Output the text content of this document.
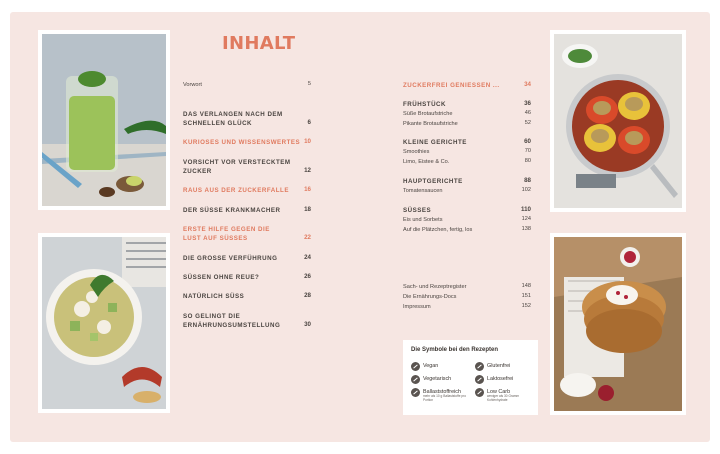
INHALT
Vorwort	5
DAS VERLANGEN NACH DEM SCHNELLEN GLÜCK	6
KURIOSES UND WISSENSWERTES 10
VORSICHT VOR VERSTECKTEM ZUCKER	12
RAUS AUS DER ZUCKERFALLE	16
DER SÜSSE KRANKMACHER	18
ERSTE HILFE GEGEN DIE LUST AUF SÜSSES	22
DIE GROSSE VERFÜHRUNG	24
SÜSSEN OHNE REUE?	26
NATÜRLICH SÜSS	28
SO GELINGT DIE ERNÄHRUNGSUMSTELLUNG	30
ZUCKERFREI GENIESSEN ...	34
FRÜHSTÜCK	36
Süße Brotaufstriche	46
Pikante Brotaufstriche	52
KLEINE GERICHTE	60
Smoothies	70
Limo, Eistee & Co.	80
HAUPTGERICHTE	88
Tomatensaucen	102
SÜSSES	110
Eis und Sorbets	124
Auf die Plätzchen, fertig, los	138
Sach- und Rezeptregister	148
Die Ernährungs-Docs	151
Impressum	152
Die Symbole bei den Rezepten
Vegan	Glutenfrei
Vegetarisch	Laktosefrei
Ballaststoffreich
mehr als 10 g Ballaststoffe pro Portion
Low Carb
weniger als 30 Gramm Kohlenhydrate
